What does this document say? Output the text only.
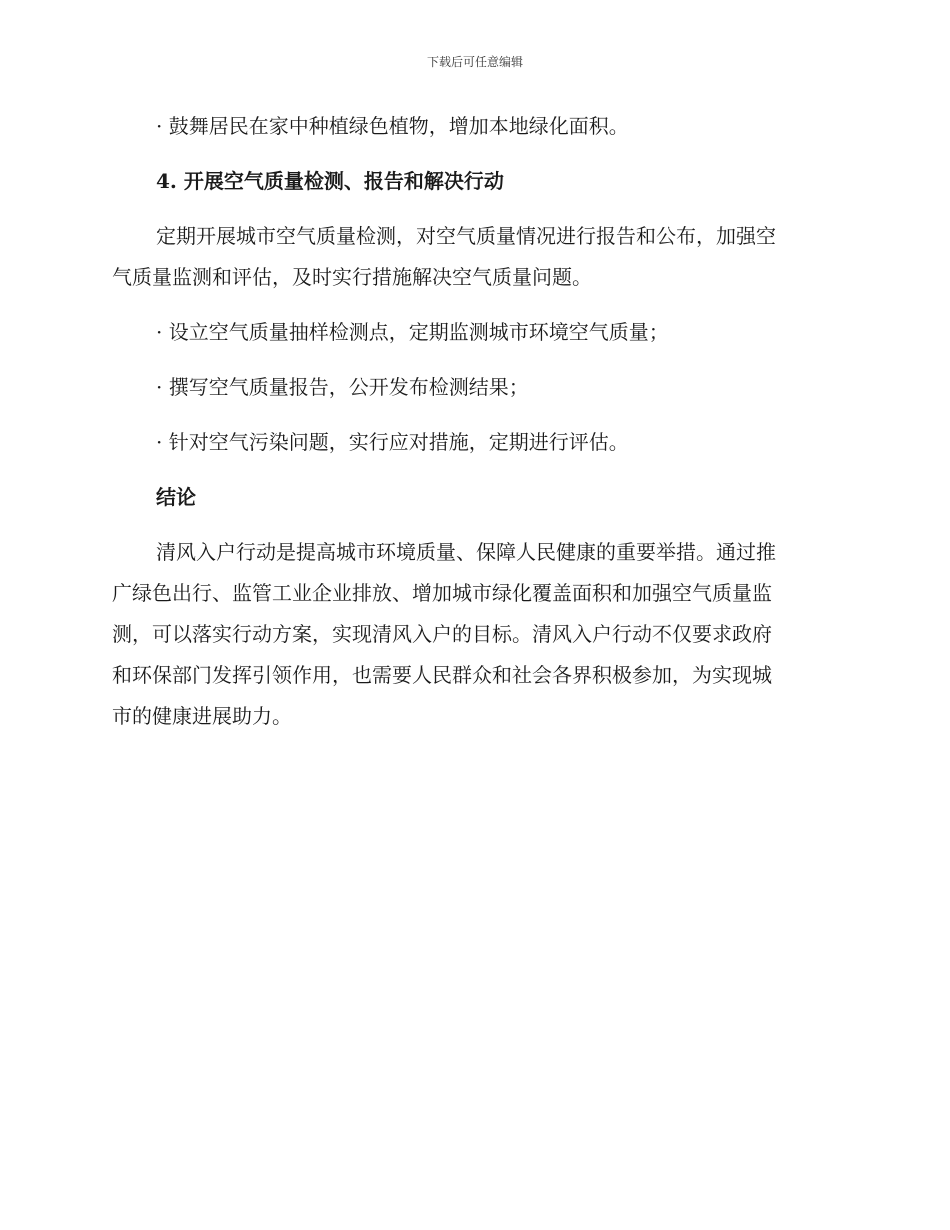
下载后可任意编辑

· 鼓舞居民在家中种植绿色植物，增加本地绿化面积。

4. 开展空气质量检测、报告和解决行动

定期开展城市空气质量检测，对空气质量情况进行报告和公布，加强空
气质量监测和评估，及时实行措施解决空气质量问题。

· 设立空气质量抽样检测点，定期监测城市环境空气质量；

· 撰写空气质量报告，公开发布检测结果；

· 针对空气污染问题，实行应对措施，定期进行评估。

结论

清风入户行动是提高城市环境质量、保障人民健康的重要举措。通过推
广绿色出行、监管工业企业排放、增加城市绿化覆盖面积和加强空气质量监
测，可以落实行动方案，实现清风入户的目标。清风入户行动不仅要求政府
和环保部门发挥引领作用，也需要人民群众和社会各界积极参加，为实现城
市的健康进展助力。
